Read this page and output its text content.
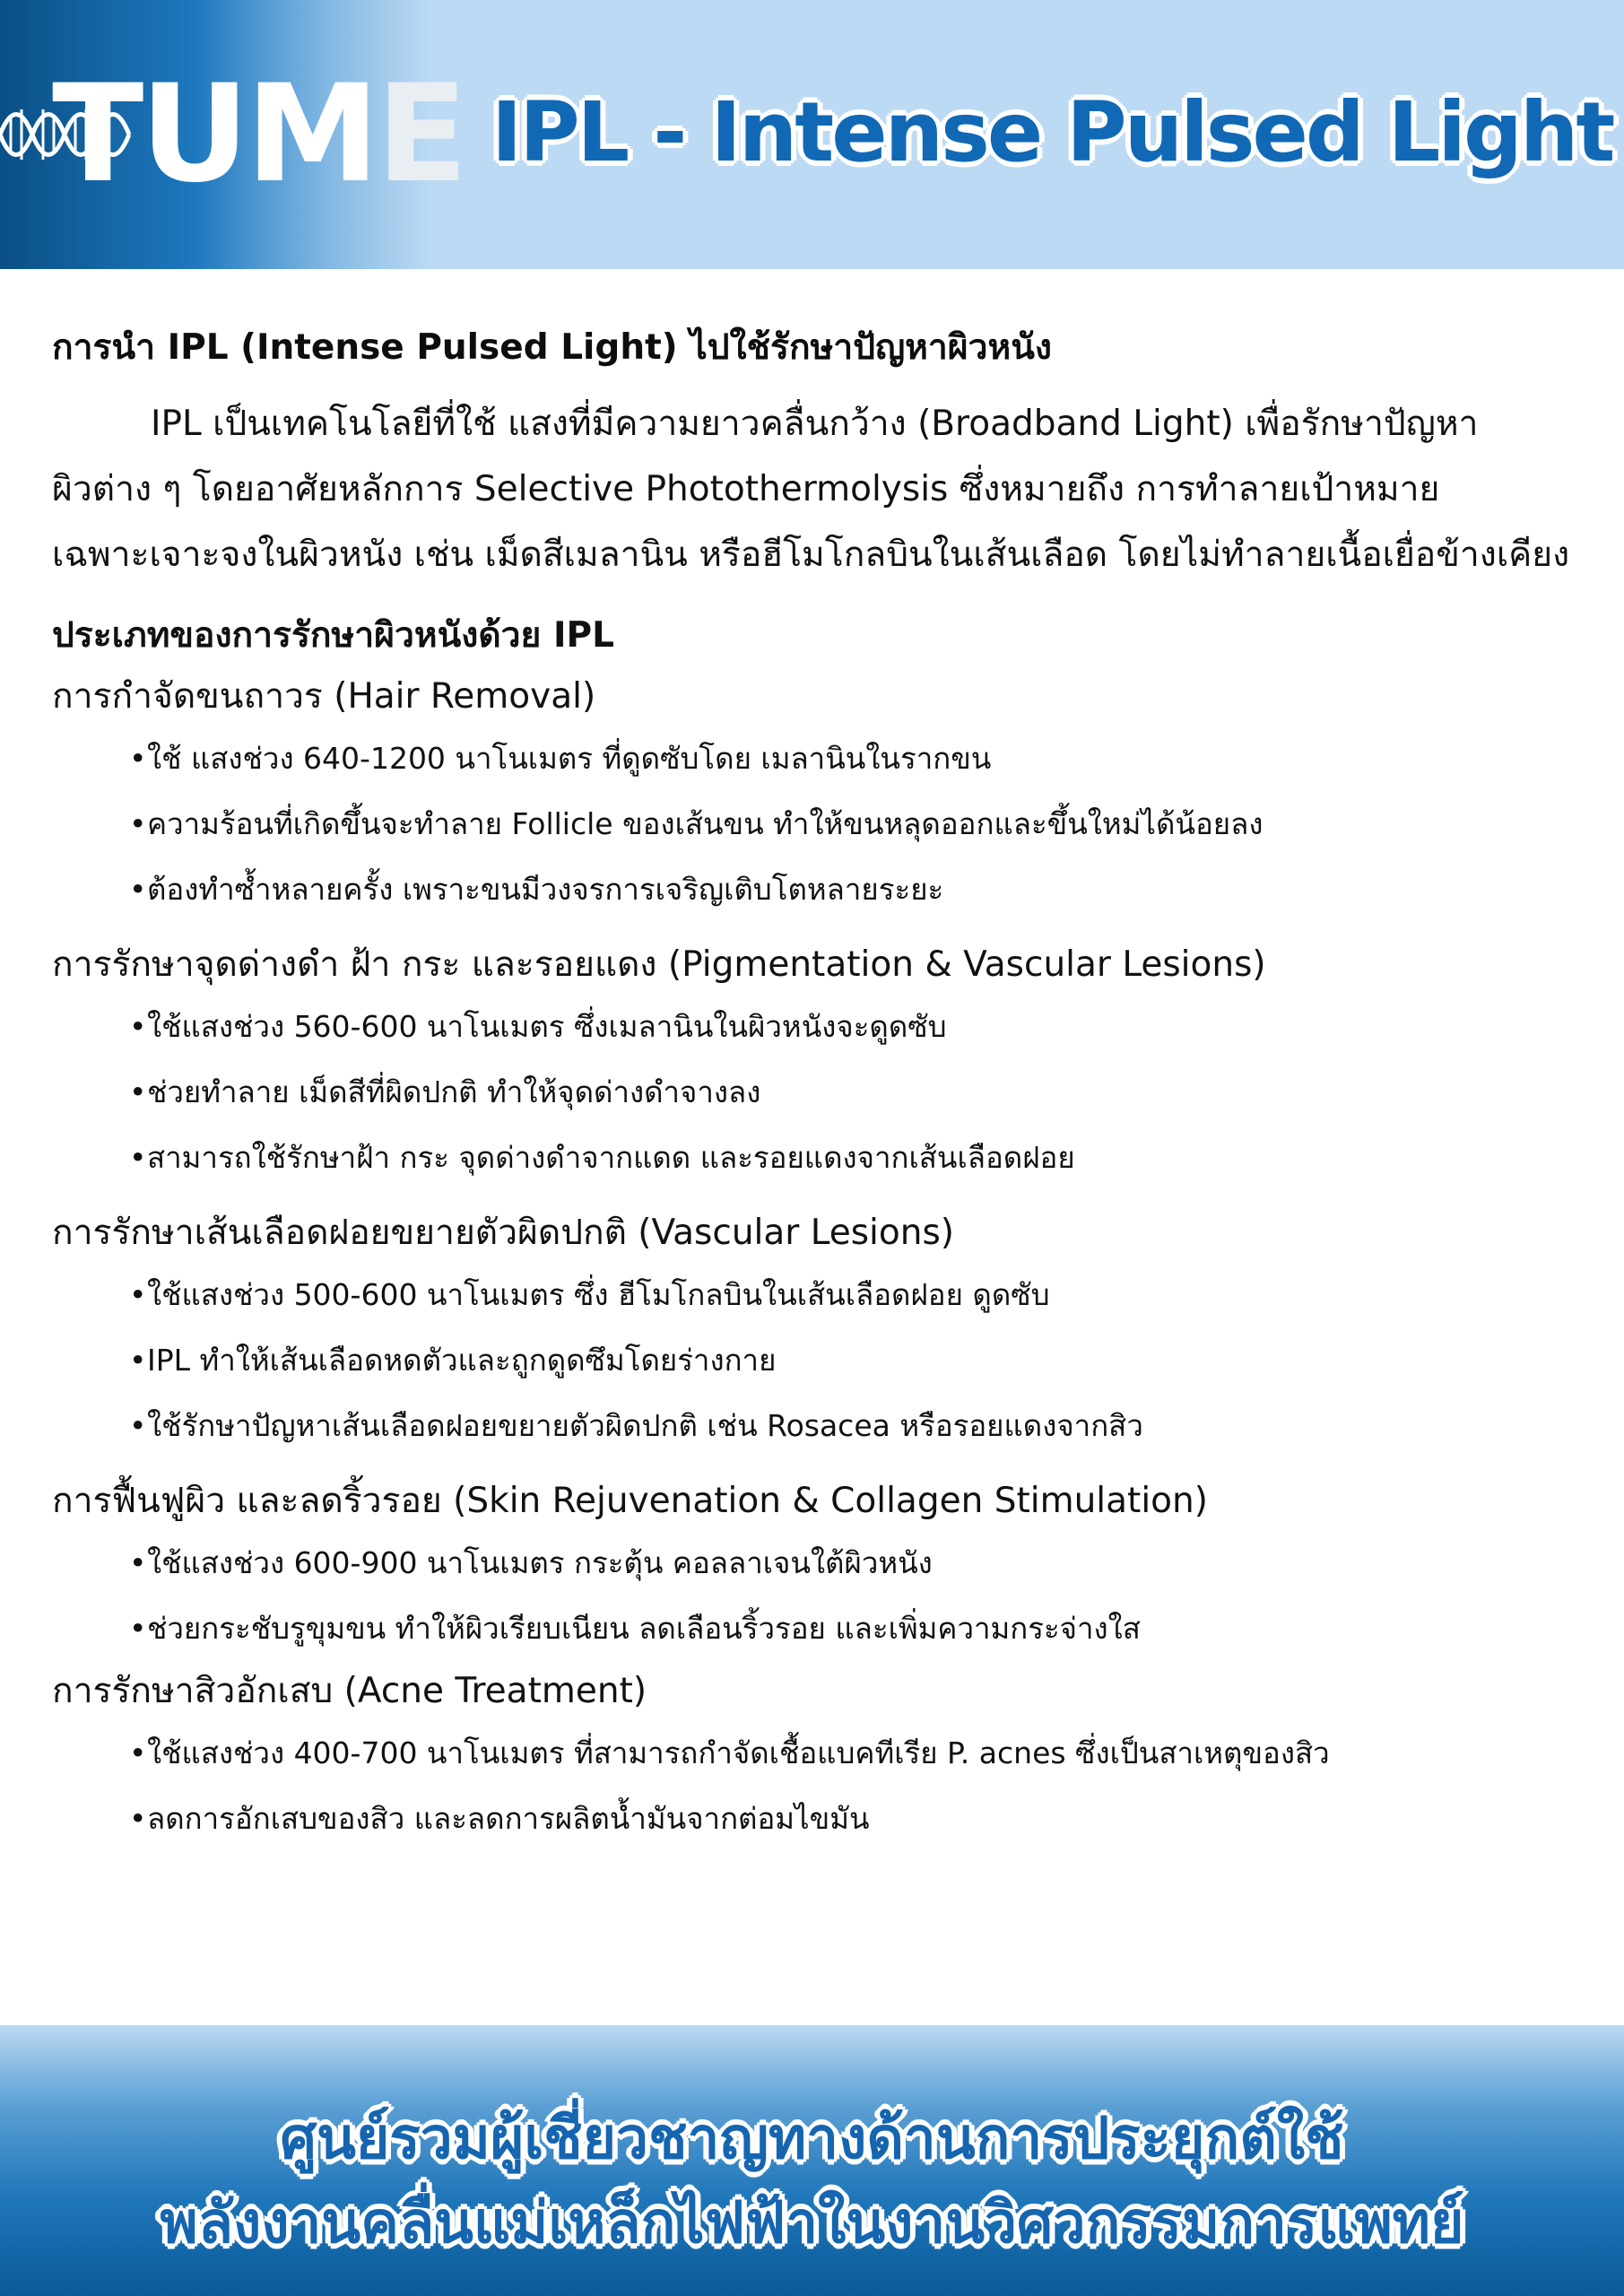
TUME IPL - Intense Pulsed Light

การนำ IPL (Intense Pulsed Light) ไปใช้รักษาปัญหาผิวหนัง

IPL เป็นเทคโนโลยีที่ใช้ แสงที่มีความยาวคลื่นกว้าง (Broadband Light) เพื่อรักษาปัญหา
ผิวต่าง ๆ โดยอาศัยหลักการ Selective Photothermolysis ซึ่งหมายถึง การทำลายเป้าหมาย
เฉพาะเจาะจงในผิวหนัง เช่น เม็ดสีเมลานิน หรือฮีโมโกลบินในเส้นเลือด โดยไม่ทำลายเนื้อเยื่อข้างเคียง

ประเภทของการรักษาผิวหนังด้วย IPL

การกำจัดขนถาวร (Hair Removal)

•ใช้ แสงช่วง 640-1200 นาโนเมตร ที่ดูดซับโดย เมลานินในรากขน
•ความร้อนที่เกิดขึ้นจะทำลาย Follicle ของเส้นขน ทำให้ขนหลุดออกและขึ้นใหม่ได้น้อยลง
•ต้องทำซ้ำหลายครั้ง เพราะขนมีวงจรการเจริญเติบโตหลายระยะ

การรักษาจุดด่างดำ ฝ้า กระ และรอยแดง (Pigmentation & Vascular Lesions)

•ใช้แสงช่วง 560-600 นาโนเมตร ซึ่งเมลานินในผิวหนังจะดูดซับ
•ช่วยทำลาย เม็ดสีที่ผิดปกติ ทำให้จุดด่างดำจางลง
•สามารถใช้รักษาฝ้า กระ จุดด่างดำจากแดด และรอยแดงจากเส้นเลือดฝอย

การรักษาเส้นเลือดฝอยขยายตัวผิดปกติ (Vascular Lesions)

•ใช้แสงช่วง 500-600 นาโนเมตร ซึ่ง ฮีโมโกลบินในเส้นเลือดฝอย ดูดซับ
•IPL ทำให้เส้นเลือดหดตัวและถูกดูดซึมโดยร่างกาย
•ใช้รักษาปัญหาเส้นเลือดฝอยขยายตัวผิดปกติ เช่น Rosacea หรือรอยแดงจากสิว

การฟื้นฟูผิว และลดริ้วรอย (Skin Rejuvenation & Collagen Stimulation)

•ใช้แสงช่วง 600-900 นาโนเมตร กระตุ้น คอลลาเจนใต้ผิวหนัง
•ช่วยกระชับรูขุมขน ทำให้ผิวเรียบเนียน ลดเลือนริ้วรอย และเพิ่มความกระจ่างใส

การรักษาสิวอักเสบ (Acne Treatment)

•ใช้แสงช่วง 400-700 นาโนเมตร ที่สามารถกำจัดเชื้อแบคทีเรีย P. acnes ซึ่งเป็นสาเหตุของสิว
•ลดการอักเสบของสิว และลดการผลิตน้ำมันจากต่อมไขมัน
ศูนย์รวมผู้เชี่ยวชาญทางด้านการประยุกต์ใช้
พลังงานคลื่นแม่เหล็กไฟฟ้าในงานวิศวกรรมการแพทย์
